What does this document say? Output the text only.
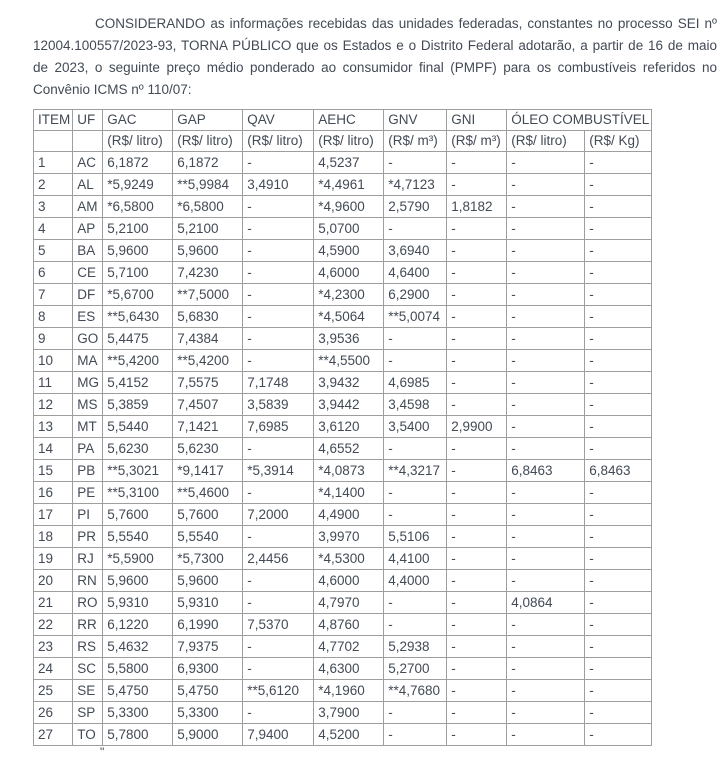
CONSIDERANDO as informações recebidas das unidades federadas, constantes no processo SEI nº 12004.100557/2023-93, TORNA PÚBLICO que os Estados e o Distrito Federal adotarão, a partir de 16 de maio de 2023, o seguinte preço médio ponderado ao consumidor final (PMPF) para os combustíveis referidos no Convênio ICMS nº 110/07:

ITEM	UF	GAC	GAP	QAV	AEHC	GNV	GNI	ÓLEO COMBUSTÍVEL	
		(R$/ litro)	(R$/ litro)	(R$/ litro)	(R$/ litro)	(R$/ m³)	(R$/ m³)	(R$/ litro)	(R$/ Kg)
1	AC	6,1872	6,1872	-	4,5237	-	-	-	-
2	AL	*5,9249	**5,9984	3,4910	*4,4961	*4,7123	-	-	-
3	AM	*6,5800	*6,5800	-	*4,9600	2,5790	1,8182	-	-
4	AP	5,2100	5,2100	-	5,0700	-	-	-	-
5	BA	5,9600	5,9600	-	4,5900	3,6940	-	-	-
6	CE	5,7100	7,4230	-	4,6000	4,6400	-	-	-
7	DF	*5,6700	**7,5000	-	*4,2300	6,2900	-	-	-
8	ES	**5,6430	5,6830	-	*4,5064	**5,0074	-	-	-
9	GO	5,4475	7,4384	-	3,9536	-	-	-	-
10	MA	**5,4200	**5,4200	-	**4,5500	-	-	-	-
11	MG	5,4152	7,5575	7,1748	3,9432	4,6985	-	-	-
12	MS	5,3859	7,4507	3,5839	3,9442	3,4598	-	-	-
13	MT	5,5440	7,1421	7,6985	3,6120	3,5400	2,9900	-	-
14	PA	5,6230	5,6230	-	4,6552	-	-	-	-
15	PB	**5,3021	*9,1417	*5,3914	*4,0873	**4,3217	-	6,8463	6,8463
16	PE	**5,3100	**5,4600	-	*4,1400	-	-	-	-
17	PI	5,7600	5,7600	7,2000	4,4900	-	-	-	-
18	PR	5,5540	5,5540	-	3,9970	5,5106	-	-	-
19	RJ	*5,5900	*5,7300	2,4456	*4,5300	4,4100	-	-	-
20	RN	5,9600	5,9600	-	4,6000	4,4000	-	-	-
21	RO	5,9310	5,9310	-	4,7970	-	-	4,0864	-
22	RR	6,1220	6,1990	7,5370	4,8760	-	-	-	-
23	RS	5,4632	7,9375	-	4,7702	5,2938	-	-	-
24	SC	5,5800	6,9300	-	4,6300	5,2700	-	-	-
25	SE	5,4750	5,4750	**5,6120	*4,1960	**4,7680	-	-	-
26	SP	5,3300	5,3300	-	3,7900	-	-	-	-
27	TO	5,7800	5,9000	7,9400	4,5200	-	-	-	-
"
